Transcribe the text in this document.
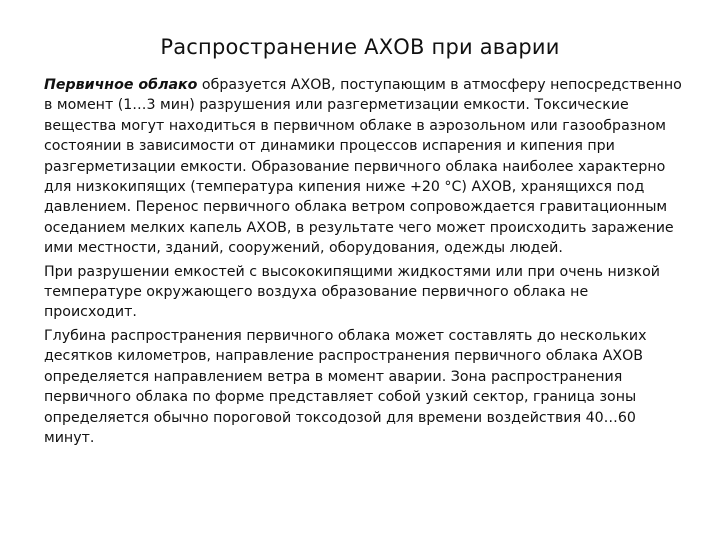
Распространение АХОВ при аварии

Первичное облако образуется АХОВ, поступающим в атмосферу непосредственно в момент (1…3 мин) разрушения или разгерметизации емкости. Токсические вещества могут находиться в первичном облаке в аэрозольном или газообразном состоянии в зависимости от динамики процессов испарения и кипения при разгерметизации емкости. Образование первичного облака наиболее характерно для низкокипящих (температура кипения ниже +20 °С) АХОВ, хранящихся под давлением. Перенос первичного облака ветром сопровождается гравитационным оседанием мелких капель АХОВ, в результате чего может происходить заражение ими местности, зданий, сооружений, оборудования, одежды людей.

При разрушении емкостей с высококипящими жидкостями или при очень низкой температуре окружающего воздуха образование первичного облака не происходит.

Глубина распространения первичного облака может составлять до нескольких десятков километров, направление распространения первичного облака АХОВ определяется направлением ветра в момент аварии. Зона распространения первичного облака по форме представляет собой узкий сектор, граница зоны определяется обычно пороговой токсодозой для времени воздействия 40…60 минут.
